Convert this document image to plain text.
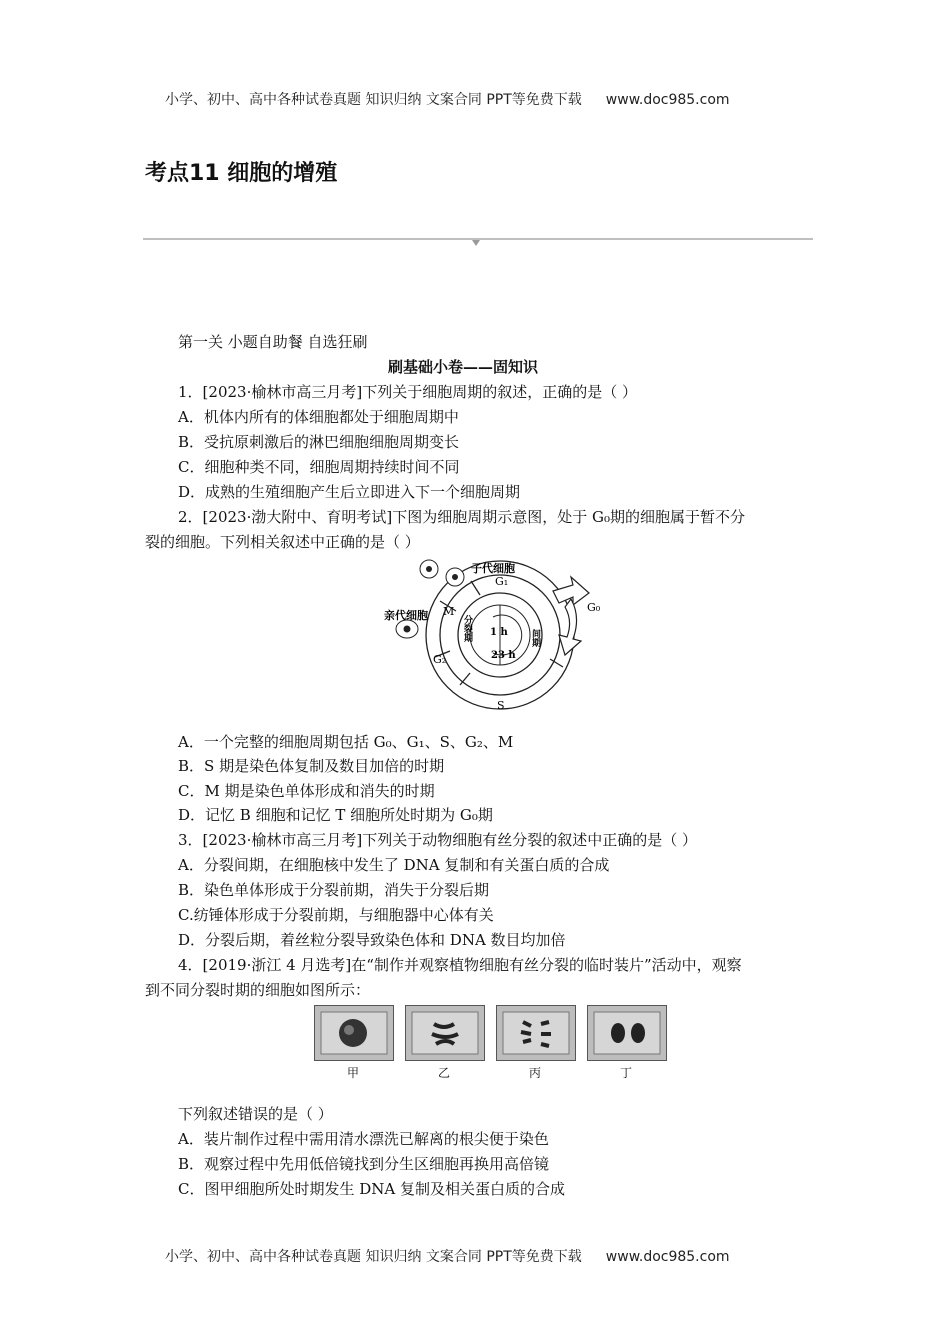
小学、初中、高中各种试卷真题 知识归纳 文案合同 PPT等免费下载 www.doc985.com
考点11 细胞的增殖
第一关 小题自助餐 自选狂刷
刷基础小卷——固知识
1．[2023·榆林市高三月考]下列关于细胞周期的叙述，正确的是（ ）
A．机体内所有的体细胞都处于细胞周期中
B．受抗原刺激后的淋巴细胞细胞周期变长
C．细胞种类不同，细胞周期持续时间不同
D．成熟的生殖细胞产生后立即进入下一个细胞周期
2．[2023·渤大附中、育明考试]下图为细胞周期示意图，处于 G₀期的细胞属于暂不分
裂的细胞。下列相关叙述中正确的是（ ）
子代细胞
亲代细胞
G₁
G₀
M
G₂
S
分裂期	间期
1 h
23 h
A．一个完整的细胞周期包括 G₀、G₁、S、G₂、M
B．S 期是染色体复制及数目加倍的时期
C．M 期是染色单体形成和消失的时期
D．记忆 B 细胞和记忆 T 细胞所处时期为 G₀期
3．[2023·榆林市高三月考]下列关于动物细胞有丝分裂的叙述中正确的是（ ）
A．分裂间期，在细胞核中发生了 DNA 复制和有关蛋白质的合成
B．染色单体形成于分裂前期，消失于分裂后期
C.纺锤体形成于分裂前期，与细胞器中心体有关
D．分裂后期，着丝粒分裂导致染色体和 DNA 数目均加倍
4．[2019·浙江 4 月选考]在“制作并观察植物细胞有丝分裂的临时装片”活动中，观察
到不同分裂时期的细胞如图所示：
甲	乙	丙	丁
下列叙述错误的是（ ）
A．装片制作过程中需用清水漂洗已解离的根尖便于染色
B．观察过程中先用低倍镜找到分生区细胞再换用高倍镜
C．图甲细胞所处时期发生 DNA 复制及相关蛋白质的合成
小学、初中、高中各种试卷真题 知识归纳 文案合同 PPT等免费下载 www.doc985.com
